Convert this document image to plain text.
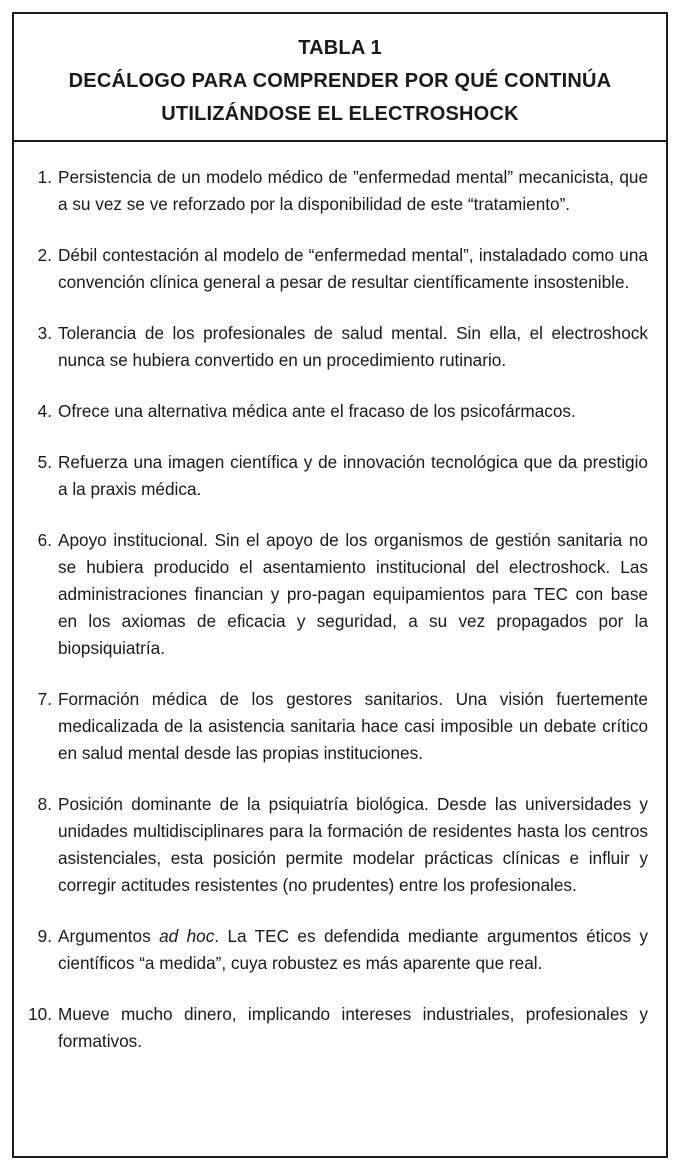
TABLA 1
DECÁLOGO PARA COMPRENDER POR QUÉ CONTINÚA
UTILIZÁNDOSE EL ELECTROSHOCK
1. Persistencia de un modelo médico de ”enfermedad mental” mecanicista, que a su vez se ve reforzado por la disponibilidad de este “tratamiento”.
2. Débil contestación al modelo de “enfermedad mental”, instaladado como una convención clínica general a pesar de resultar científicamente insostenible.
3. Tolerancia de los profesionales de salud mental. Sin ella, el electroshock nunca se hubiera convertido en un procedimiento rutinario.
4. Ofrece una alternativa médica ante el fracaso de los psicofármacos.
5. Refuerza una imagen científica y de innovación tecnológica que da prestigio a la praxis médica.
6. Apoyo institucional. Sin el apoyo de los organismos de gestión sanitaria no se hubiera producido el asentamiento institucional del electroshock. Las administraciones financian y pro-pagan equipamientos para TEC con base en los axiomas de eficacia y seguridad, a su vez propagados por la biopsiquiatría.
7. Formación médica de los gestores sanitarios. Una visión fuertemente medicalizada de la asistencia sanitaria hace casi imposible un debate crítico en salud mental desde las propias instituciones.
8. Posición dominante de la psiquiatría biológica. Desde las universidades y unidades multidisciplinares para la formación de residentes hasta los centros asistenciales, esta posición permite modelar prácticas clínicas e influir y corregir actitudes resistentes (no prudentes) entre los profesionales.
9. Argumentos ad hoc. La TEC es defendida mediante argumentos éticos y científicos “a medida”, cuya robustez es más aparente que real.
10. Mueve mucho dinero, implicando intereses industriales, profesionales y formativos.
